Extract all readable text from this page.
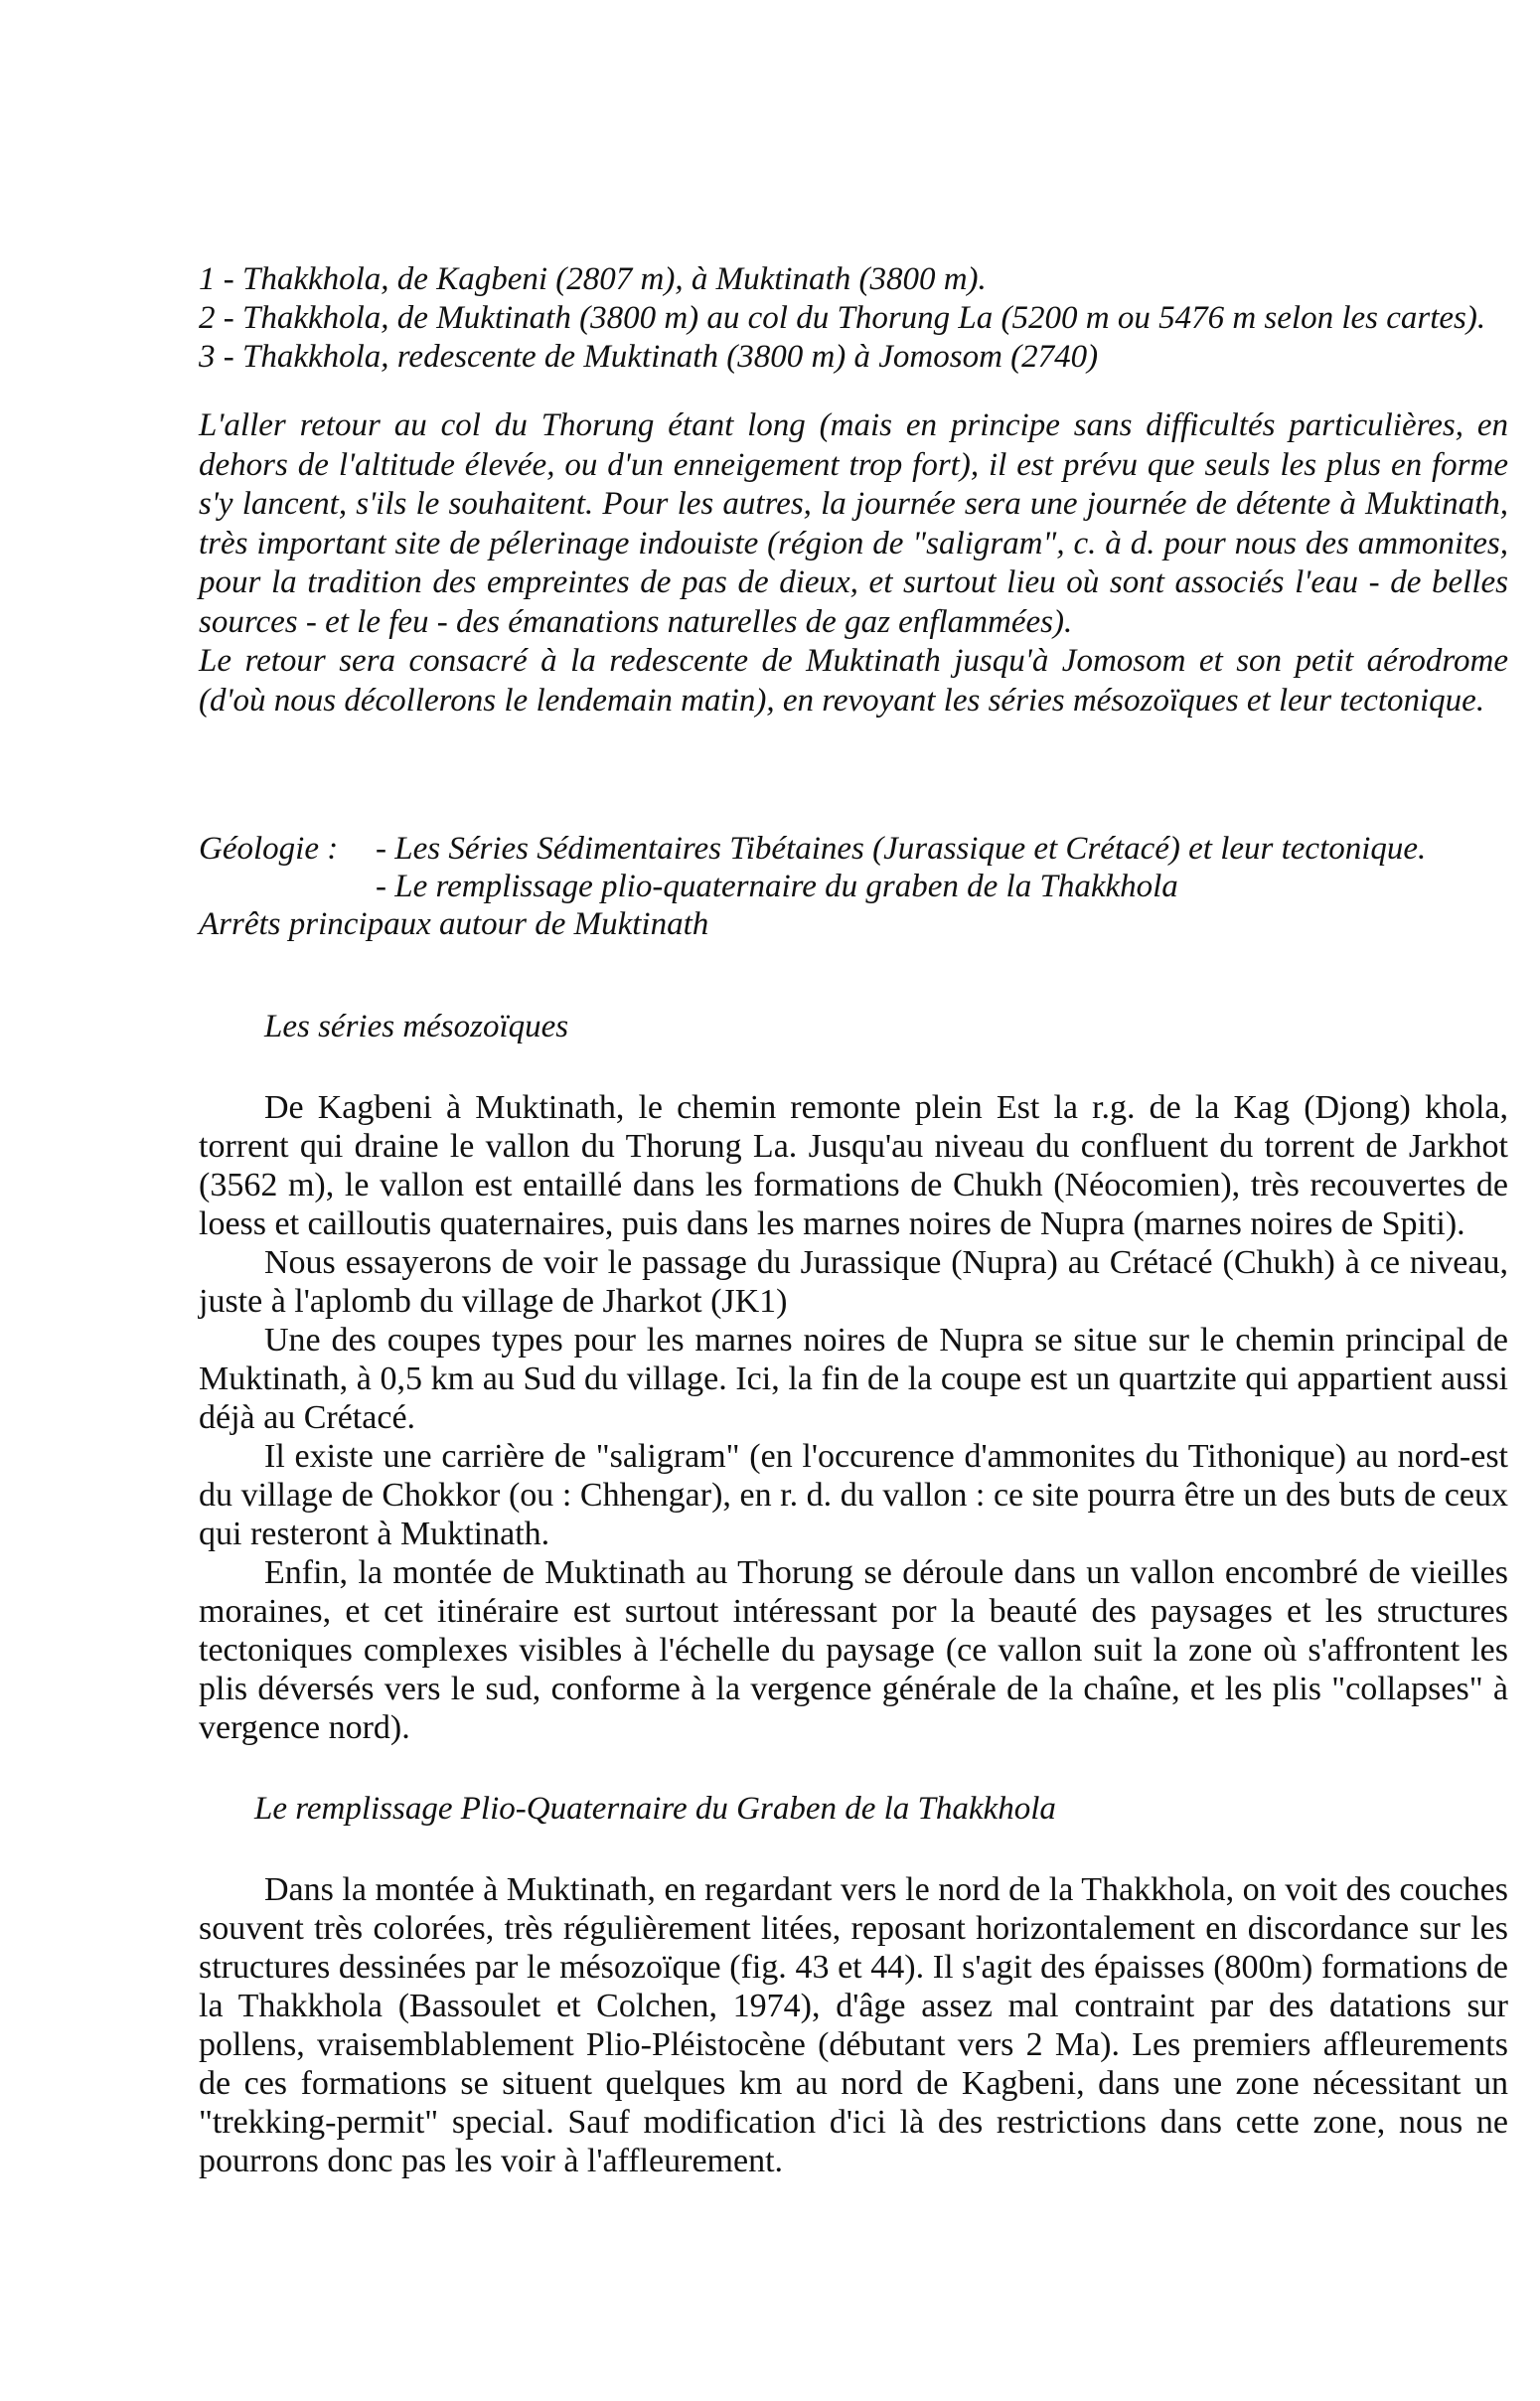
1 - Thakkhola, de Kagbeni (2807 m), à Muktinath (3800 m).

2 - Thakkhola, de Muktinath (3800 m) au col du Thorung La (5200 m ou 5476 m selon les cartes).

3 - Thakkhola, redescente de Muktinath (3800 m) à Jomosom (2740)

L'aller retour au col du Thorung étant long (mais en principe sans difficultés particulières, en dehors de l'altitude élevée, ou d'un enneigement trop fort), il est prévu que seuls les plus en forme s'y lancent, s'ils le souhaitent. Pour les autres, la journée sera une journée de détente à Muktinath, très important site de pélerinage indouiste (région de "saligram", c. à d. pour nous des ammonites, pour la tradition des empreintes de pas de dieux, et surtout lieu où sont associés l'eau - de belles sources - et le feu - des émanations naturelles de gaz enflammées).

Le retour sera consacré à la redescente de Muktinath jusqu'à Jomosom et son petit aérodrome (d'où nous décollerons le lendemain matin), en revoyant les séries mésozoïques et leur tectonique.

Géologie :	- Les Séries Sédimentaires Tibétaines (Jurassique et Crétacé) et leur tectonique.
- Le remplissage plio-quaternaire du graben de la Thakkhola

Arrêts principaux autour de Muktinath

Les séries mésozoïques

De Kagbeni à Muktinath, le chemin remonte plein Est la r.g. de la Kag (Djong) khola, torrent qui draine le vallon du Thorung La. Jusqu'au niveau du confluent du torrent de Jarkhot (3562 m), le vallon est entaillé dans les formations de Chukh (Néocomien), très recouvertes de loess et cailloutis quaternaires, puis dans les marnes noires de Nupra (marnes noires de Spiti).

Nous essayerons de voir le passage du Jurassique (Nupra) au Crétacé (Chukh) à ce niveau, juste à l'aplomb du village de Jharkot (JK1)

Une des coupes types pour les marnes noires de Nupra se situe sur le chemin principal de Muktinath, à 0,5 km au Sud du village. Ici, la fin de la coupe est un quartzite qui appartient aussi déjà au Crétacé.

Il existe une carrière de "saligram" (en l'occurence d'ammonites du Tithonique) au nord-est du village de Chokkor (ou : Chhengar), en r. d. du vallon : ce site pourra être un des buts de ceux qui resteront à Muktinath.

Enfin, la montée de Muktinath au Thorung se déroule dans un vallon encombré de vieilles moraines, et cet itinéraire est surtout intéressant por la beauté des paysages et les structures tectoniques complexes visibles à l'échelle du paysage (ce vallon suit la zone où s'affrontent les plis déversés vers le sud, conforme à la vergence générale de la chaîne, et les plis "collapses" à vergence nord).

Le remplissage Plio-Quaternaire du Graben de la Thakkhola

Dans la montée à Muktinath, en regardant vers le nord de la Thakkhola, on voit des couches souvent très colorées, très régulièrement litées, reposant horizontalement en discordance sur les structures dessinées par le mésozoïque (fig. 43 et 44). Il s'agit des épaisses (800m) formations de la Thakkhola (Bassoulet et Colchen, 1974), d'âge assez mal contraint par des datations sur pollens, vraisemblablement Plio-Pléistocène (débutant vers 2 Ma). Les premiers affleurements de ces formations se situent quelques km au nord de Kagbeni, dans une zone nécessitant un "trekking-permit" special. Sauf modification d'ici là des restrictions dans cette zone, nous ne pourrons donc pas les voir à l'affleurement.
